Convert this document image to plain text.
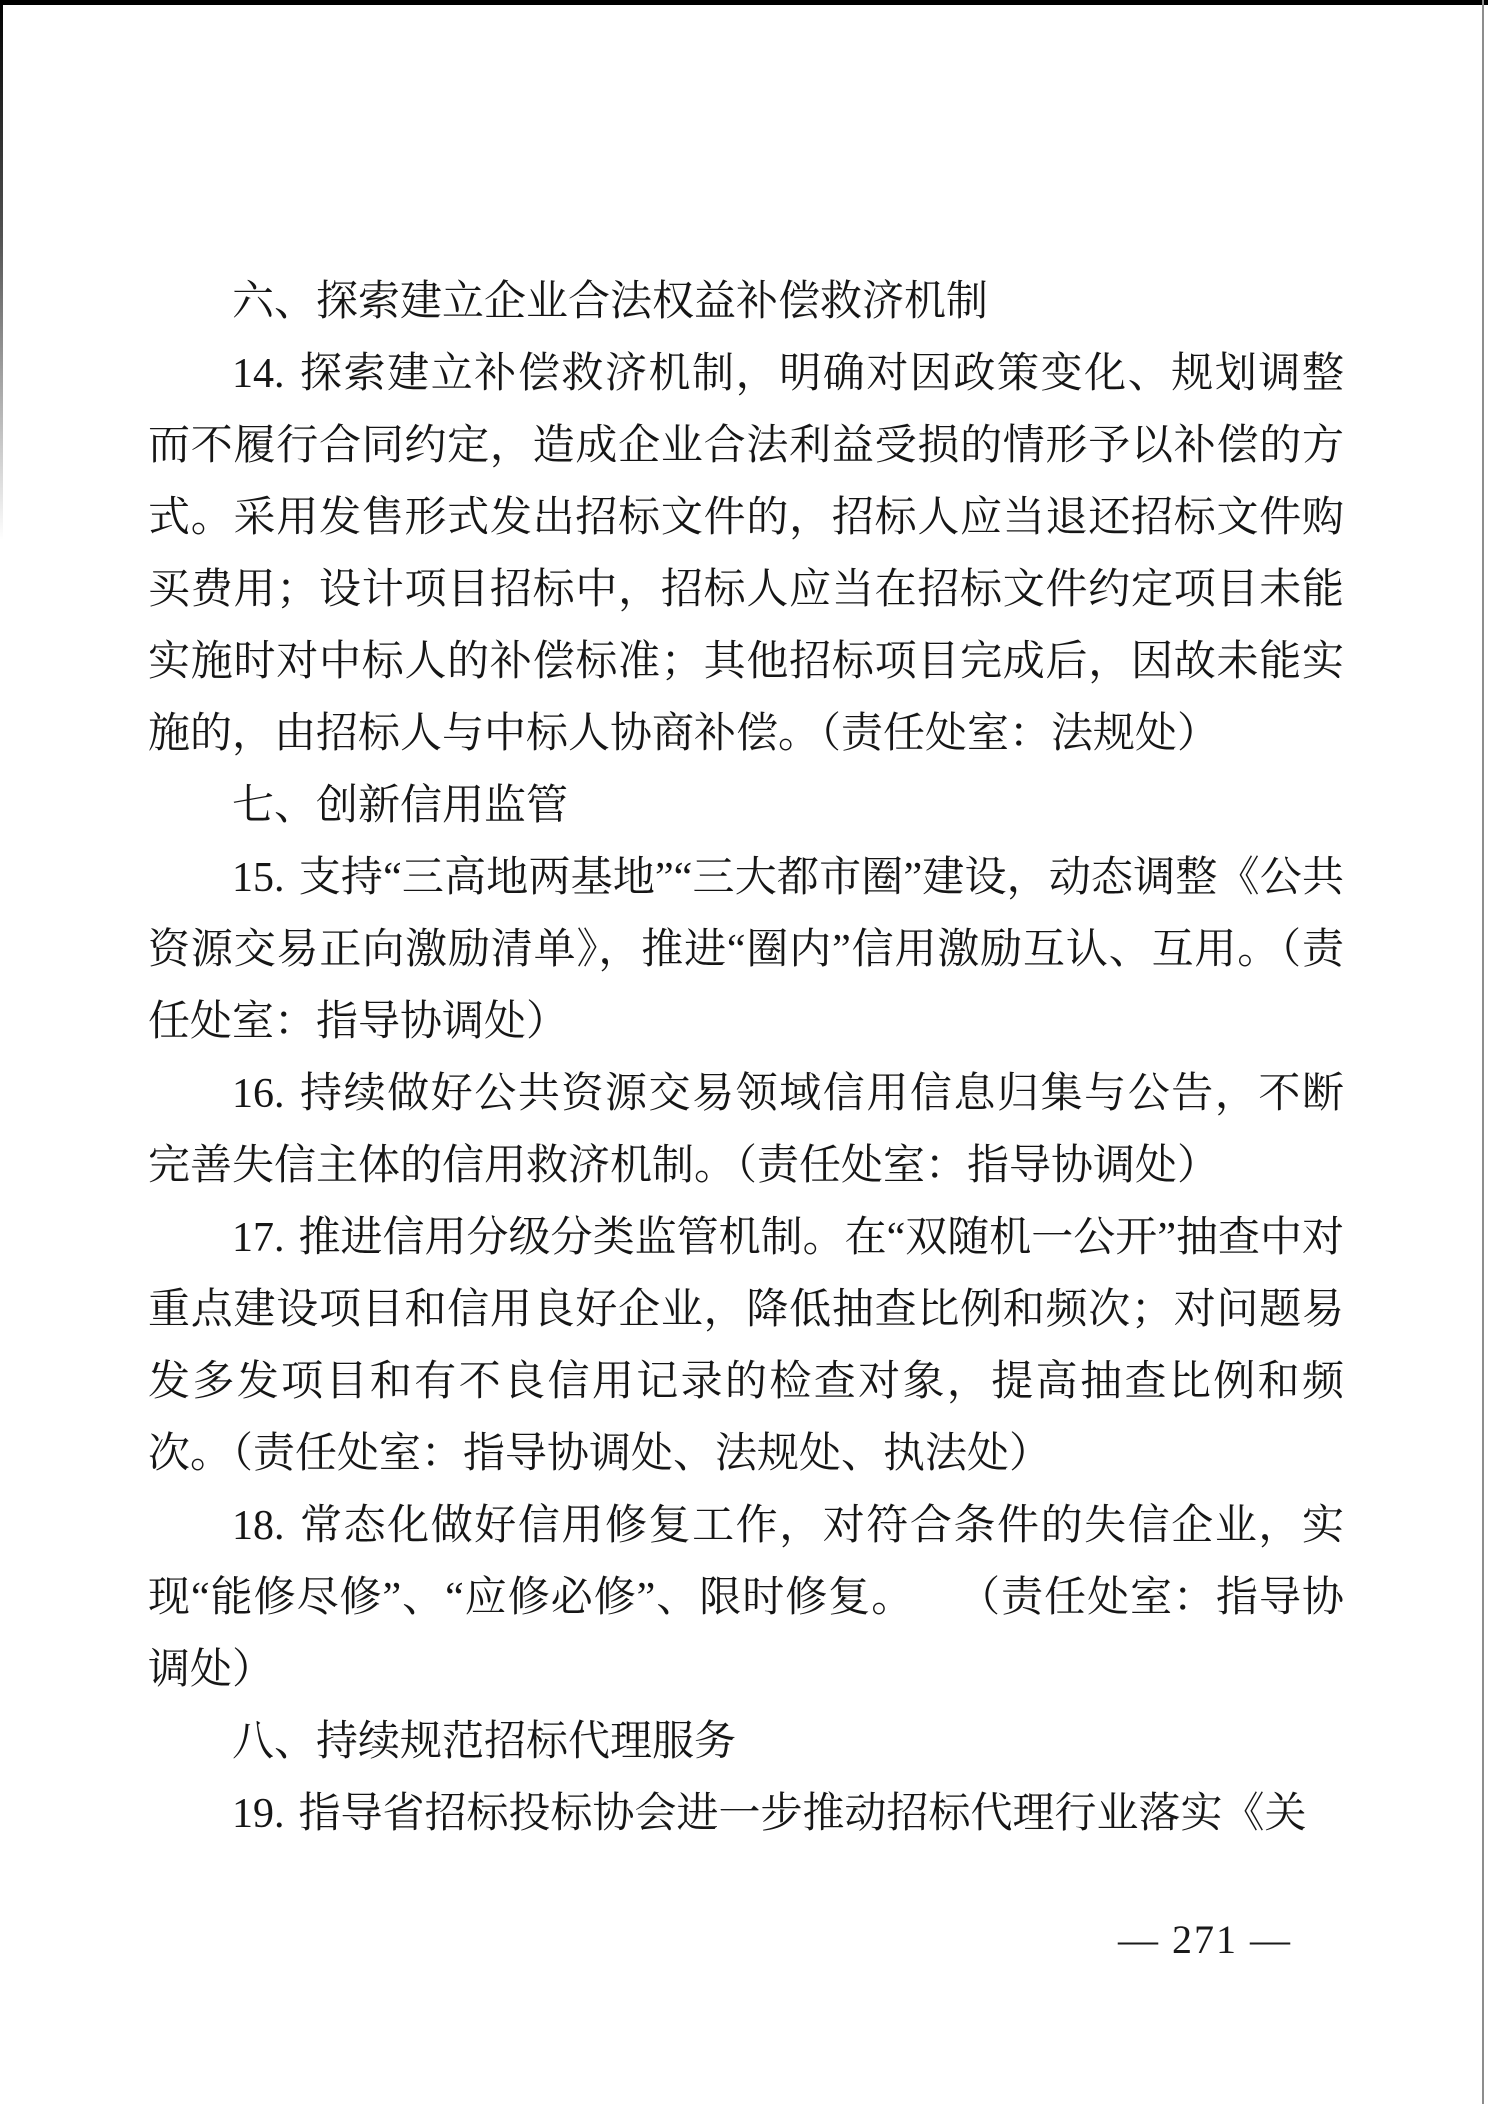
六、探索建立企业合法权益补偿救济机制

14. 探索建立补偿救济机制，明确对因政策变化、规划调整而不履行合同约定，造成企业合法利益受损的情形予以补偿的方式。采用发售形式发出招标文件的，招标人应当退还招标文件购买费用；设计项目招标中，招标人应当在招标文件约定项目未能实施时对中标人的补偿标准；其他招标项目完成后，因故未能实施的，由招标人与中标人协商补偿。（责任处室：法规处）

七、创新信用监管

15. 支持“三高地两基地”“三大都市圈”建设，动态调整《公共资源交易正向激励清单》，推进“圈内”信用激励互认、互用。（责任处室：指导协调处）

16. 持续做好公共资源交易领域信用信息归集与公告，不断完善失信主体的信用救济机制。（责任处室：指导协调处）

17. 推进信用分级分类监管机制。在“双随机一公开”抽查中对重点建设项目和信用良好企业，降低抽查比例和频次；对问题易发多发项目和有不良信用记录的检查对象，提高抽查比例和频次。（责任处室：指导协调处、法规处、执法处）

18. 常态化做好信用修复工作，对符合条件的失信企业，实现“能修尽修”、“应修必修”、限时修复。　　（责任处室：指导协调处）

八、持续规范招标代理服务

19. 指导省招标投标协会进一步推动招标代理行业落实《关

— 271 —
